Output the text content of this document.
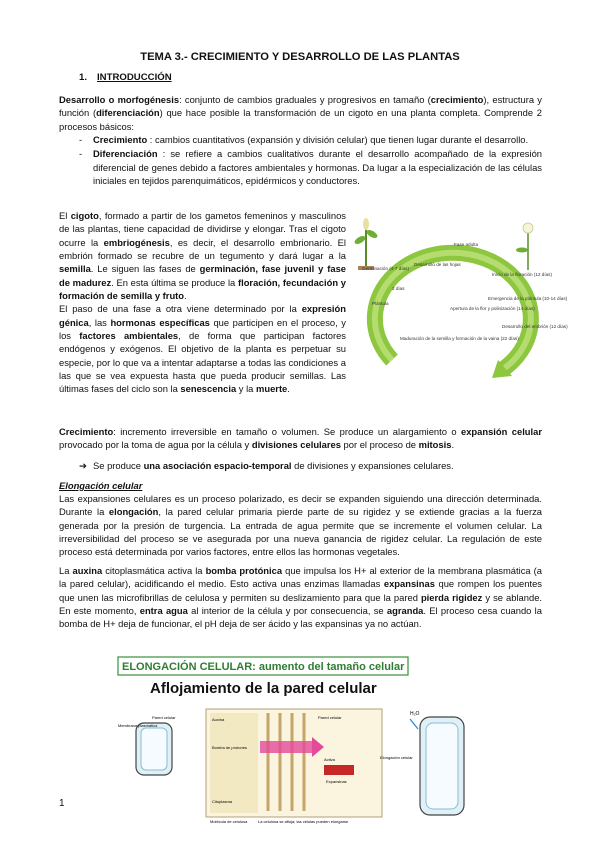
TEMA 3.- CRECIMIENTO Y DESARROLLO DE LAS PLANTAS
1. INTRODUCCIÓN
Desarrollo o morfogénesis: conjunto de cambios graduales y progresivos en tamaño (crecimiento), estructura y función (diferenciación) que hace posible la transformación de un cigoto en una planta completa. Comprende 2 procesos básicos:
- Crecimiento : cambios cuantitativos (expansión y división celular) que tienen lugar durante el desarrollo.
- Diferenciación : se refiere a cambios cualitativos durante el desarrollo acompañado de la expresión diferencial de genes debido a factores ambientales y hormonas. Da lugar a la especialización de las células iniciales en tejidos parenquimáticos, epidérmicos y conductores.

El cigoto, formado a partir de los gametos femeninos y masculinos de las plantas, tiene capacidad de dividirse y elongar. Tras el cigoto ocurre la embriogénesis, es decir, el desarrollo embrionario. El embrión formado se recubre de un tegumento y dará lugar a la semilla. Le siguen las fases de germinación, fase juvenil y fase de madurez. En esta última se produce la floración, fecundación y formación de semilla y fruto.

El paso de una fase a otra viene determinado por la expresión génica, las hormonas específicas que participen en el proceso, y los factores ambientales, de forma que participan factores endógenos y exógenos. El objetivo de la planta es perpetuar su especie, por lo que va a intentar adaptarse a todas las condiciones a las que se vea expuesta hasta que pueda producir semillas. Las últimas fases del ciclo son la senescencia y la muerte.

Fase adulta
Desarrollo de las hojas
Inicio de la floración (12 días)
Germinación (4-7 días)
Apertura de la flor y polinización (14 días)
Desarrollo del embrión (12 días)
Emergencia de la plántula (10-14 días)
Maduración de la semilla y formación de la vaina (22 días)
2 días
Plántula
Crecimiento: incremento irreversible en tamaño o volumen. Se produce un alargamiento o expansión celular provocado por la toma de agua por la célula y divisiones celulares por el proceso de mitosis.
➔ Se produce una asociación espacio-temporal de divisiones y expansiones celulares.
Elongación celular
Las expansiones celulares es un proceso polarizado, es decir se expanden siguiendo una dirección determinada. Durante la elongación, la pared celular primaria pierde parte de su rigidez y se extiende gracias a la fuerza generada por la presión de turgencia. La entrada de agua permite que se incremente el volumen celular. La irreversibilidad del proceso se ve asegurada por una nueva ganancia de rigidez celular. La regulación de este proceso está determinada por varios factores, entre ellos las hormonas vegetales.
La auxina citoplasmática activa la bomba protónica que impulsa los H+ al exterior de la membrana plasmática (a la pared celular), acidificando el medio. Esto activa unas enzimas llamadas expansinas que rompen los puentes que unen las microfibrillas de celulosa y permiten su deslizamiento para que la pared pierda rigidez y se ablande. En este momento, entra agua al interior de la célula y por consecuencia, se agranda. El proceso cesa cuando la bomba de H+ deja de funcionar, el pH deja de ser ácido y las expansinas ya no actúan.
ELONGACIÓN CELULAR: aumento del tamaño celular
Aflojamiento de la pared celular
Membrana plasmática
Pared celular	Auxina	Pared celular
Bomba de protones
Activa
Expansinas
Citoplasma
Molécula de celulosa	La celulosa se afloja; las células pueden elongarse
H₂O
Elongación celular
1
